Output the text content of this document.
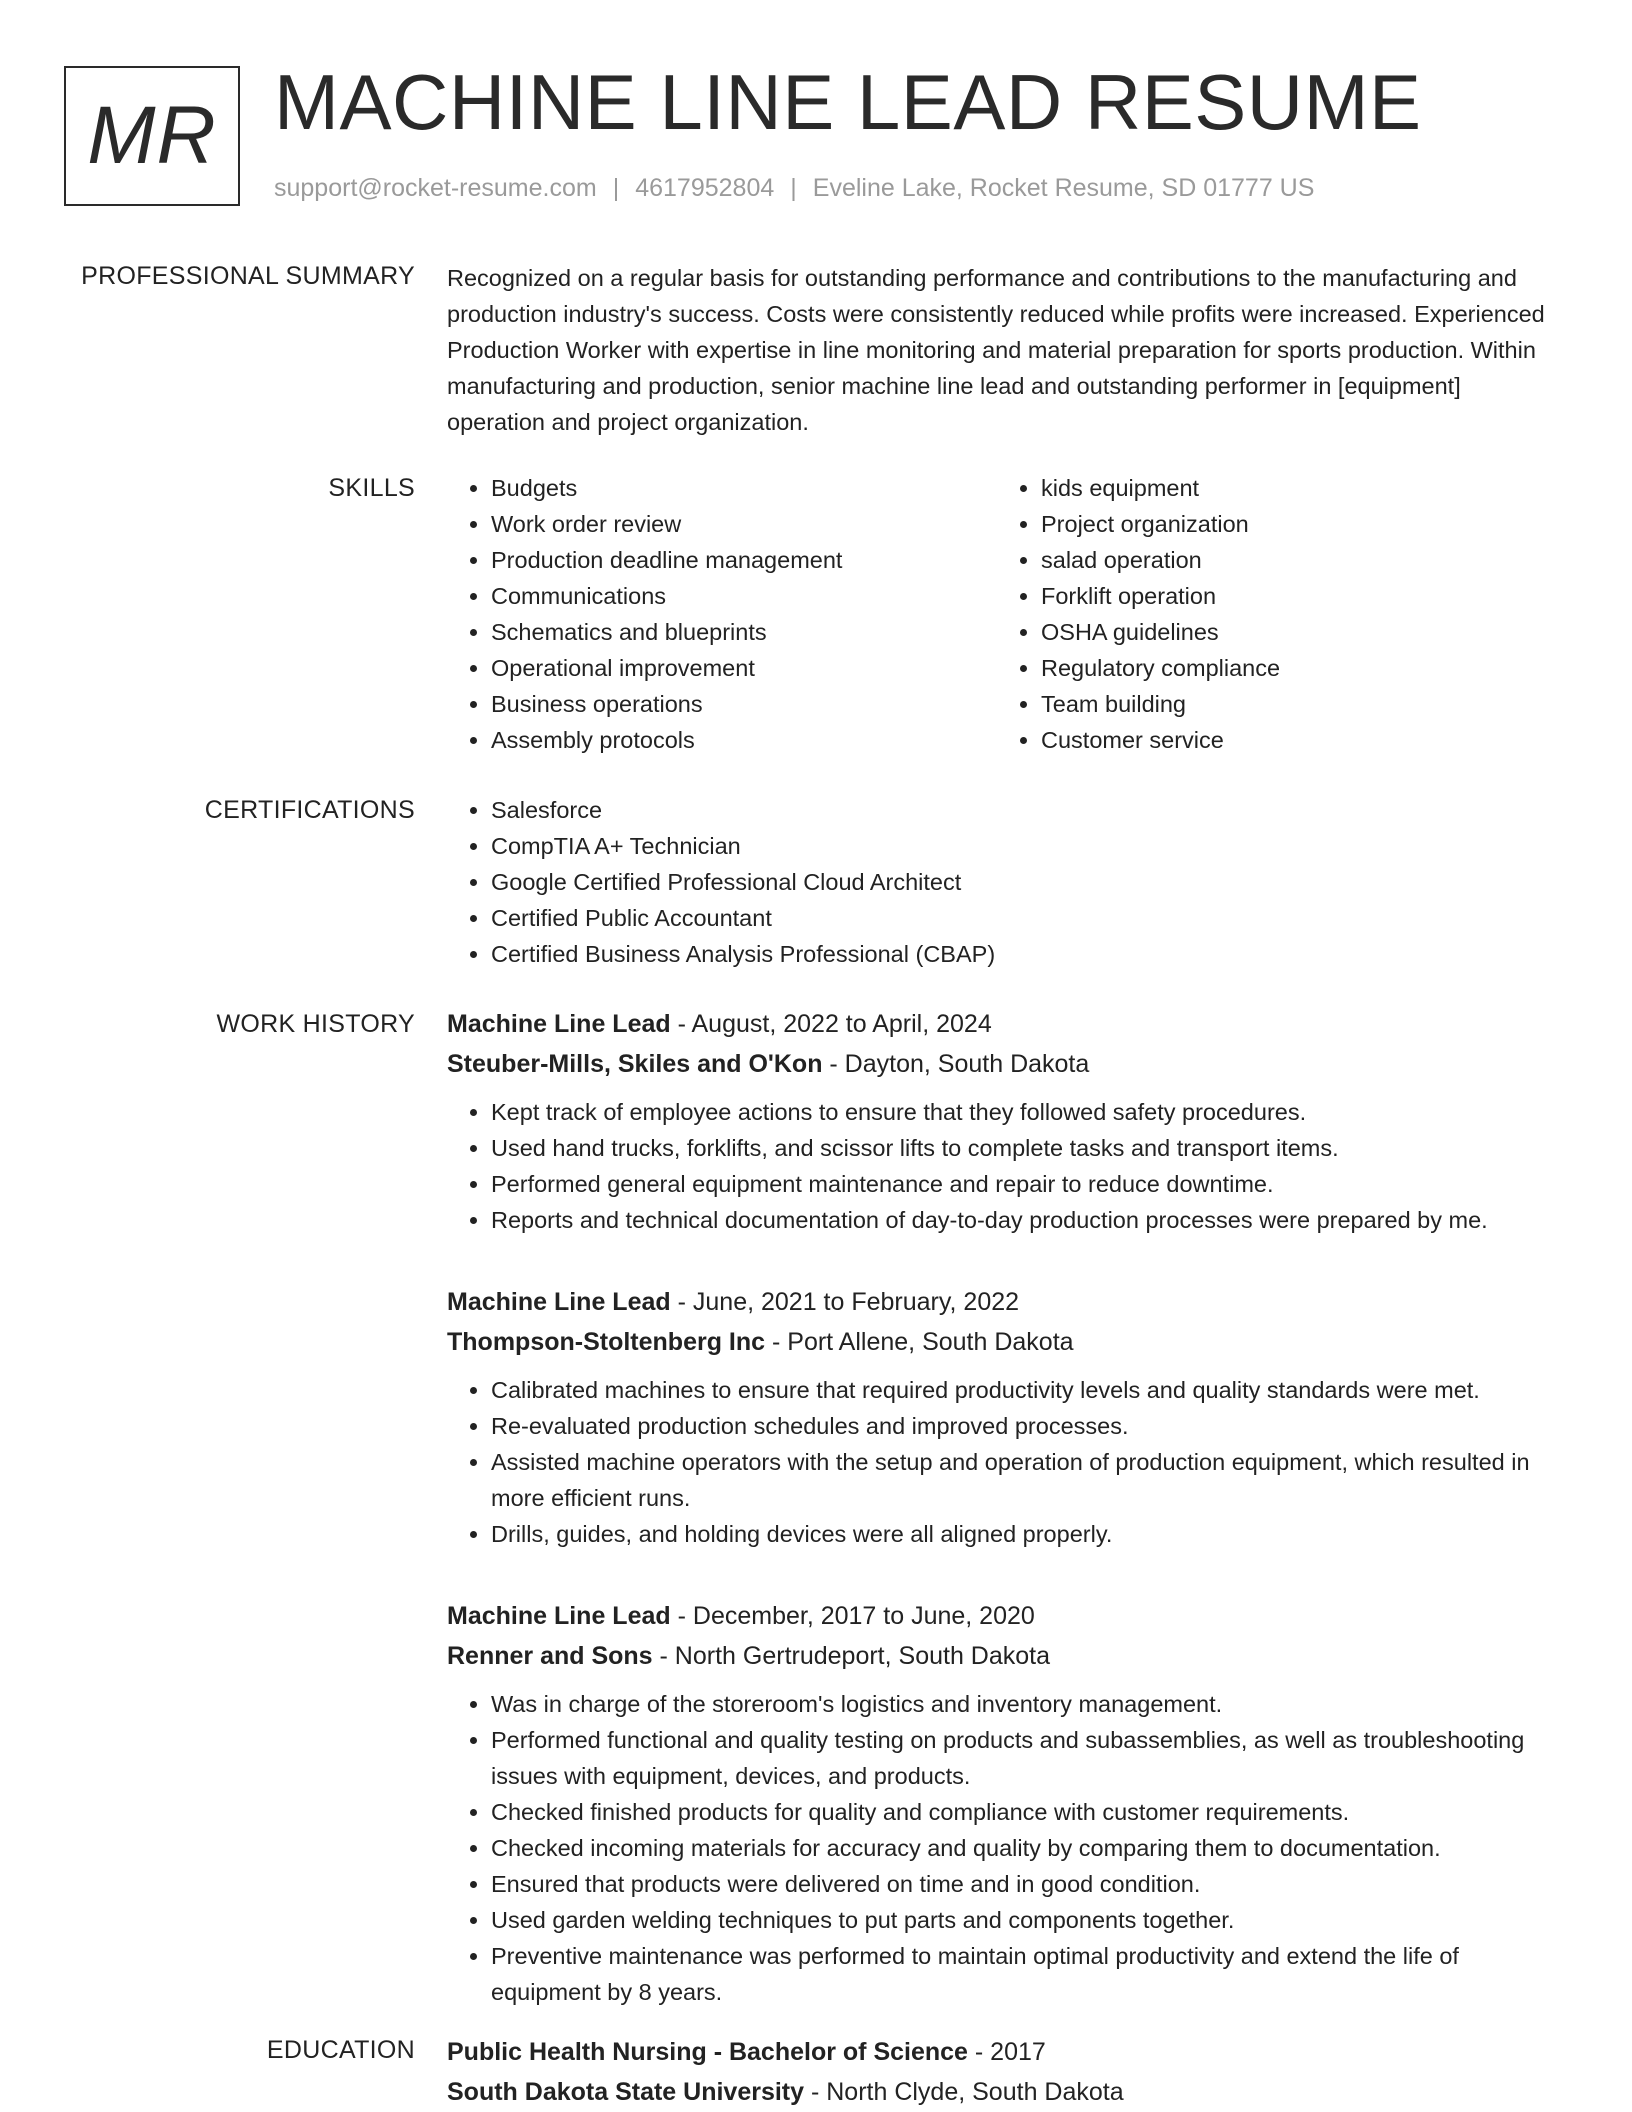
MR MACHINE LINE LEAD RESUME
support@rocket-resume.com | 4617952804 | Eveline Lake, Rocket Resume, SD 01777 US
PROFESSIONAL SUMMARY Recognized on a regular basis for outstanding performance and contributions to the manufacturing and production industry's success. Costs were consistently reduced while profits were increased. Experienced Production Worker with expertise in line monitoring and material preparation for sports production. Within manufacturing and production, senior machine line lead and outstanding performer in [equipment] operation and project organization.

SKILLS	• Budgets
• Work order review
• Production deadline management
• Communications
• Schematics and blueprints
• Operational improvement
• Business operations
• Assembly protocols
• kids equipment
• Project organization
• salad operation
• Forklift operation
• OSHA guidelines
• Regulatory compliance
• Team building
• Customer service
CERTIFICATIONS	• Salesforce
• CompTIA A+ Technician
• Google Certified Professional Cloud Architect
• Certified Public Accountant
• Certified Business Analysis Professional (CBAP)
WORK HISTORY Machine Line Lead - August, 2022 to April, 2024
Steuber-Mills, Skiles and O'Kon - Dayton, South Dakota
• Kept track of employee actions to ensure that they followed safety procedures.
• Used hand trucks, forklifts, and scissor lifts to complete tasks and transport items.
• Performed general equipment maintenance and repair to reduce downtime.
• Reports and technical documentation of day-to-day production processes were prepared by me.
Machine Line Lead - June, 2021 to February, 2022
Thompson-Stoltenberg Inc - Port Allene, South Dakota
• Calibrated machines to ensure that required productivity levels and quality standards were met.
• Re-evaluated production schedules and improved processes.
• Assisted machine operators with the setup and operation of production equipment, which resulted in more efficient runs.
• Drills, guides, and holding devices were all aligned properly.
Machine Line Lead - December, 2017 to June, 2020
Renner and Sons - North Gertrudeport, South Dakota
• Was in charge of the storeroom's logistics and inventory management.
• Performed functional and quality testing on products and subassemblies, as well as troubleshooting issues with equipment, devices, and products.
• Checked finished products for quality and compliance with customer requirements.
• Checked incoming materials for accuracy and quality by comparing them to documentation.
• Ensured that products were delivered on time and in good condition.
• Used garden welding techniques to put parts and components together.
• Preventive maintenance was performed to maintain optimal productivity and extend the life of equipment by 8 years.
EDUCATION Public Health Nursing - Bachelor of Science - 2017
South Dakota State University - North Clyde, South Dakota
